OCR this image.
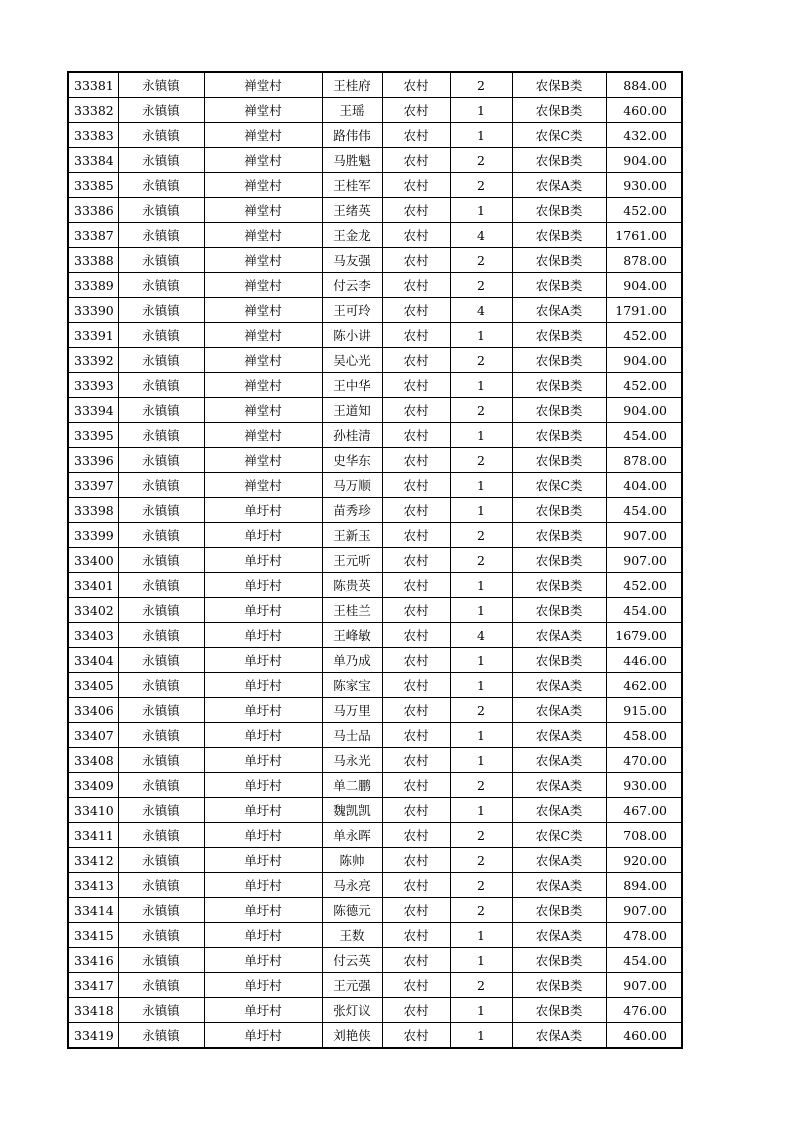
33381	永镇镇	禅堂村	王桂府	农村	2	农保B类	884.00
33382	永镇镇	禅堂村	王瑶	农村	1	农保B类	460.00
33383	永镇镇	禅堂村	路伟伟	农村	1	农保C类	432.00
33384	永镇镇	禅堂村	马胜魁	农村	2	农保B类	904.00
33385	永镇镇	禅堂村	王桂军	农村	2	农保A类	930.00
33386	永镇镇	禅堂村	王绪英	农村	1	农保B类	452.00
33387	永镇镇	禅堂村	王金龙	农村	4	农保B类	1761.00
33388	永镇镇	禅堂村	马友强	农村	2	农保B类	878.00
33389	永镇镇	禅堂村	付云李	农村	2	农保B类	904.00
33390	永镇镇	禅堂村	王可玲	农村	4	农保A类	1791.00
33391	永镇镇	禅堂村	陈小讲	农村	1	农保B类	452.00
33392	永镇镇	禅堂村	吴心光	农村	2	农保B类	904.00
33393	永镇镇	禅堂村	王中华	农村	1	农保B类	452.00
33394	永镇镇	禅堂村	王道知	农村	2	农保B类	904.00
33395	永镇镇	禅堂村	孙桂清	农村	1	农保B类	454.00
33396	永镇镇	禅堂村	史华东	农村	2	农保B类	878.00
33397	永镇镇	禅堂村	马万顺	农村	1	农保C类	404.00
33398	永镇镇	单圩村	苗秀珍	农村	1	农保B类	454.00
33399	永镇镇	单圩村	王新玉	农村	2	农保B类	907.00
33400	永镇镇	单圩村	王元听	农村	2	农保B类	907.00
33401	永镇镇	单圩村	陈贵英	农村	1	农保B类	452.00
33402	永镇镇	单圩村	王桂兰	农村	1	农保B类	454.00
33403	永镇镇	单圩村	王峰敏	农村	4	农保A类	1679.00
33404	永镇镇	单圩村	单乃成	农村	1	农保B类	446.00
33405	永镇镇	单圩村	陈家宝	农村	1	农保A类	462.00
33406	永镇镇	单圩村	马万里	农村	2	农保A类	915.00
33407	永镇镇	单圩村	马士品	农村	1	农保A类	458.00
33408	永镇镇	单圩村	马永光	农村	1	农保A类	470.00
33409	永镇镇	单圩村	单二鹏	农村	2	农保A类	930.00
33410	永镇镇	单圩村	魏凯凯	农村	1	农保A类	467.00
33411	永镇镇	单圩村	单永晖	农村	2	农保C类	708.00
33412	永镇镇	单圩村	陈帅	农村	2	农保A类	920.00
33413	永镇镇	单圩村	马永亮	农村	2	农保A类	894.00
33414	永镇镇	单圩村	陈德元	农村	2	农保B类	907.00
33415	永镇镇	单圩村	王数	农村	1	农保A类	478.00
33416	永镇镇	单圩村	付云英	农村	1	农保B类	454.00
33417	永镇镇	单圩村	王元强	农村	2	农保B类	907.00
33418	永镇镇	单圩村	张灯议	农村	1	农保B类	476.00
33419	永镇镇	单圩村	刘艳侠	农村	1	农保A类	460.00
